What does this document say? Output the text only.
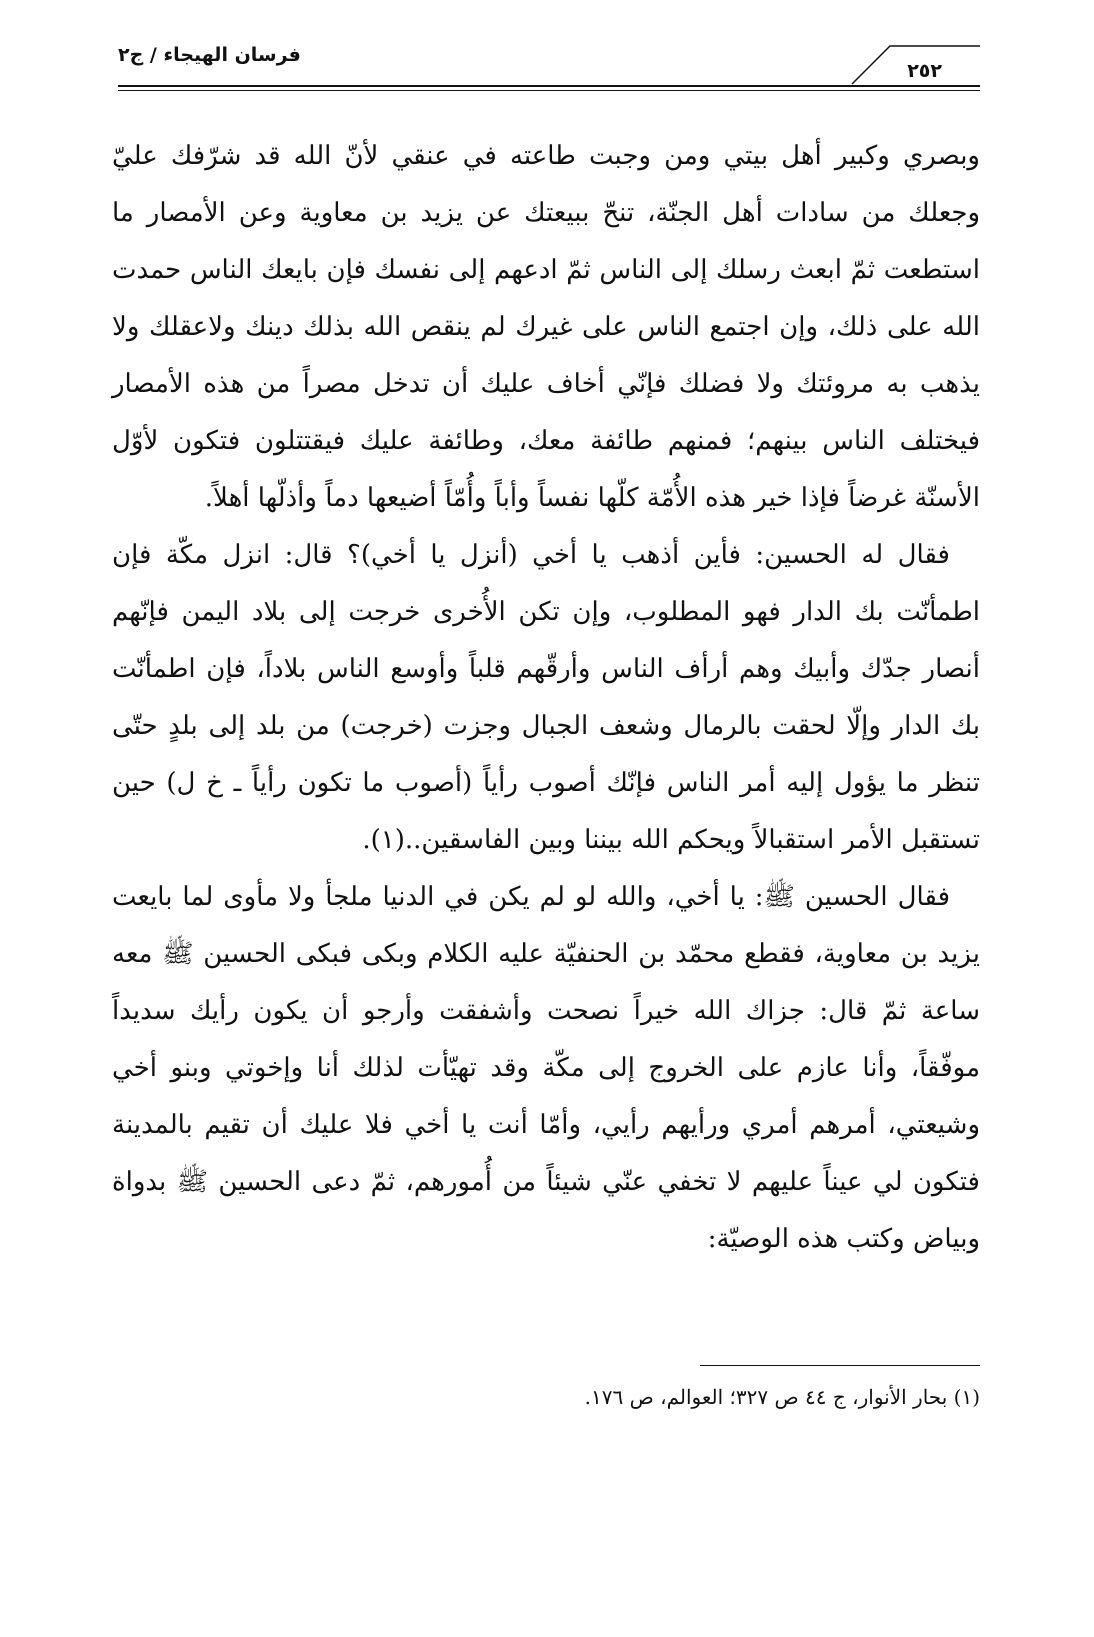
فرسان الهيجاء / ج٢
٢٥٢

وبصري وكبير أهل بيتي ومن وجبت طاعته في عنقي لأنّ الله قد شرّفك عليّ وجعلك من سادات أهل الجنّة، تنحّ ببيعتك عن يزيد بن معاوية وعن الأمصار ما استطعت ثمّ ابعث رسلك إلى الناس ثمّ ادعهم إلى نفسك فإن بايعك الناس حمدت الله على ذلك، وإن اجتمع الناس على غيرك لم ينقص الله بذلك دينك ولاعقلك ولا يذهب به مروئتك ولا فضلك فإنّي أخاف عليك أن تدخل مصراً من هذه الأمصار فيختلف الناس بينهم؛ فمنهم طائفة معك، وطائفة عليك فيقتتلون فتكون لأوّل الأسنّة غرضاً فإذا خير هذه الأُمّة كلّها نفساً وأباً وأُمّاً أضيعها دماً وأذلّها أهلاً.

فقال له الحسين: فأين أذهب يا أخي (أنزل يا أخي)؟ قال: انزل مكّة فإن اطمأنّت بك الدار فهو المطلوب، وإن تكن الأُخرى خرجت إلى بلاد اليمن فإنّهم أنصار جدّك وأبيك وهم أرأف الناس وأرقّهم قلباً وأوسع الناس بلاداً، فإن اطمأنّت بك الدار وإلّا لحقت بالرمال وشعف الجبال وجزت (خرجت) من بلد إلى بلدٍ حتّى تنظر ما يؤول إليه أمر الناس فإنّك أصوب رأياً (أصوب ما تكون رأياً ـ خ ل) حين تستقبل الأمر استقبالاً ويحكم الله بيننا وبين الفاسقين..(١).

فقال الحسين ﷺ: يا أخي، والله لو لم يكن في الدنيا ملجأ ولا مأوى لما بايعت يزيد بن معاوية، فقطع محمّد بن الحنفيّة عليه الكلام وبكى فبكى الحسين ﷺ معه ساعة ثمّ قال: جزاك الله خيراً نصحت وأشفقت وأرجو أن يكون رأيك سديداً موفّقاً، وأنا عازم على الخروج إلى مكّة وقد تهيّأت لذلك أنا وإخوتي وبنو أخي وشيعتي، أمرهم أمري ورأيهم رأيي، وأمّا أنت يا أخي فلا عليك أن تقيم بالمدينة فتكون لي عيناً عليهم لا تخفي عنّي شيئاً من أُمورهم، ثمّ دعى الحسين ﷺ بدواة وبياض وكتب هذه الوصيّة:

(١) بحار الأنوار، ج ٤٤ ص ٣٢٧؛ العوالم، ص ١٧٦.
